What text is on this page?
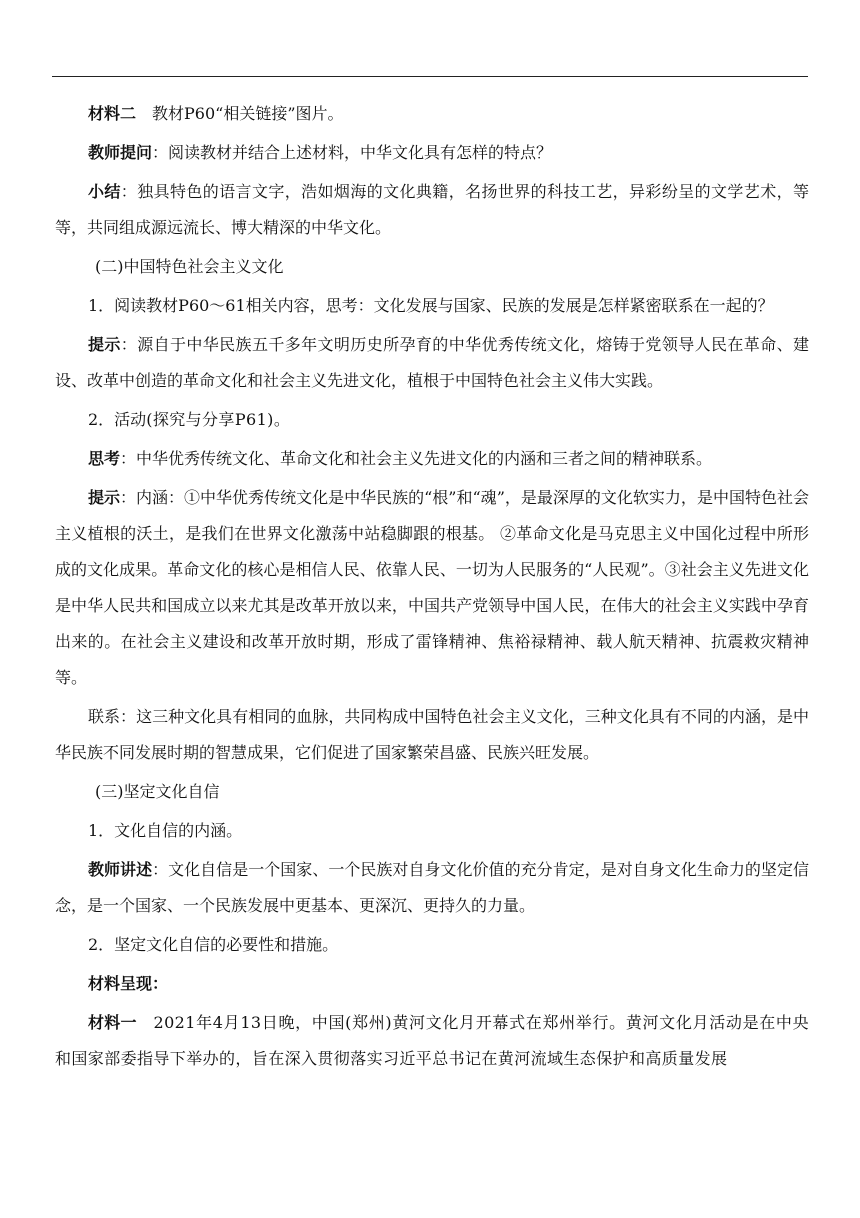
材料二　教材P60“相关链接”图片。

教师提问：阅读教材并结合上述材料，中华文化具有怎样的特点？

小结：独具特色的语言文字，浩如烟海的文化典籍，名扬世界的科技工艺，异彩纷呈的文学艺术，等等，共同组成源远流长、博大精深的中华文化。

(二)中国特色社会主义文化

1．阅读教材P60～61相关内容，思考：文化发展与国家、民族的发展是怎样紧密联系在一起的？

提示：源自于中华民族五千多年文明历史所孕育的中华优秀传统文化，熔铸于党领导人民在革命、建设、改革中创造的革命文化和社会主义先进文化，植根于中国特色社会主义伟大实践。

2．活动(探究与分享P61)。

思考：中华优秀传统文化、革命文化和社会主义先进文化的内涵和三者之间的精神联系。

提示：内涵：①中华优秀传统文化是中华民族的“根”和“魂”，是最深厚的文化软实力，是中国特色社会主义植根的沃土，是我们在世界文化激荡中站稳脚跟的根基。 ②革命文化是马克思主义中国化过程中所形成的文化成果。革命文化的核心是相信人民、依靠人民、一切为人民服务的“人民观”。③社会主义先进文化是中华人民共和国成立以来尤其是改革开放以来，中国共产党领导中国人民，在伟大的社会主义实践中孕育出来的。在社会主义建设和改革开放时期，形成了雷锋精神、焦裕禄精神、载人航天精神、抗震救灾精神等。

联系：这三种文化具有相同的血脉，共同构成中国特色社会主义文化，三种文化具有不同的内涵，是中华民族不同发展时期的智慧成果，它们促进了国家繁荣昌盛、民族兴旺发展。

(三)坚定文化自信

1．文化自信的内涵。

教师讲述：文化自信是一个国家、一个民族对自身文化价值的充分肯定，是对自身文化生命力的坚定信念，是一个国家、一个民族发展中更基本、更深沉、更持久的力量。

2．坚定文化自信的必要性和措施。

材料呈现：

材料一　2021年4月13日晚，中国(郑州)黄河文化月开幕式在郑州举行。黄河文化月活动是在中央和国家部委指导下举办的，旨在深入贯彻落实习近平总书记在黄河流域生态保护和高质量发展
